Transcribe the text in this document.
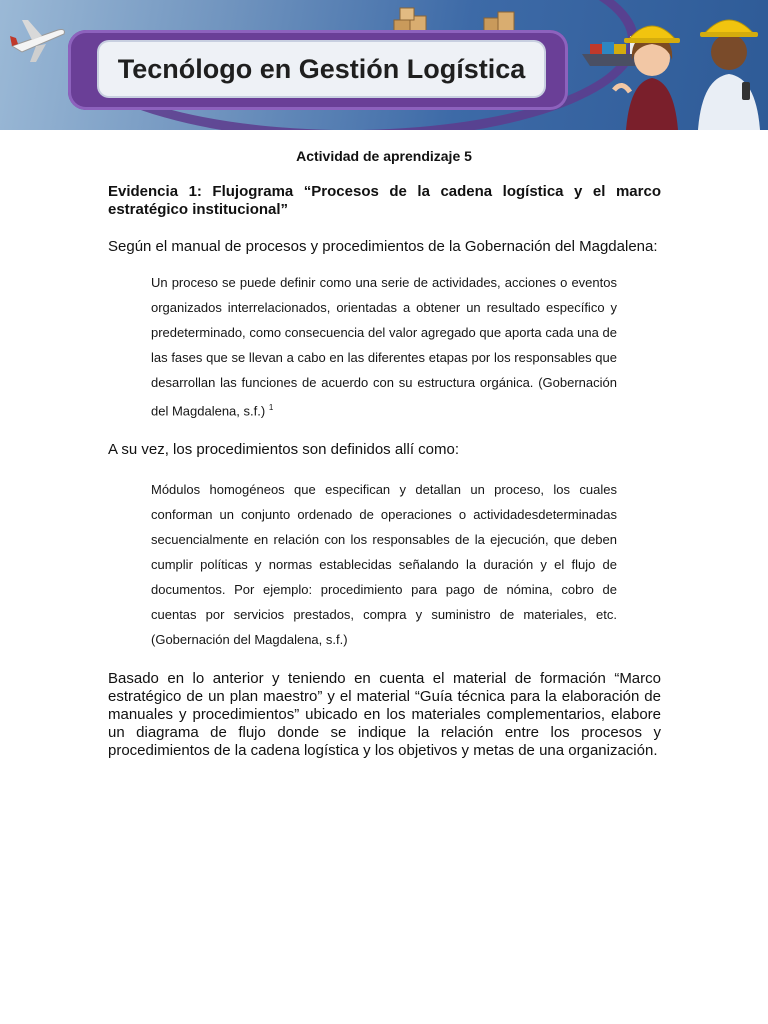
Tecnólogo en Gestión Logística
Actividad de aprendizaje 5
Evidencia 1: Flujograma “Procesos de la cadena logística y el marco estratégico institucional”
Según el manual de procesos y procedimientos de la Gobernación del Magdalena:
Un proceso se puede definir como una serie de actividades, acciones o eventos organizados interrelacionados, orientadas a obtener un resultado específico y predeterminado, como consecuencia del valor agregado que aporta cada una de las fases que se llevan a cabo en las diferentes etapas por los responsables que desarrollan las funciones de acuerdo con su estructura orgánica. (Gobernación del Magdalena, s.f.) $^1$
A su vez, los procedimientos son definidos allí como:
Módulos homogéneos que especifican y detallan un proceso, los cuales conforman un conjunto ordenado de operaciones o actividadesdeterminadas secuencialmente en relación con los responsables de la ejecución, que deben cumplir políticas y normas establecidas señalando la duración y el flujo de documentos. Por ejemplo: procedimiento para pago de nómina, cobro de cuentas por servicios prestados, compra y suministro de materiales, etc. (Gobernación del Magdalena, s.f.)
Basado en lo anterior y teniendo en cuenta el material de formación “Marco estratégico de un plan maestro” y el material “Guía técnica para la elaboración de manuales y procedimientos” ubicado en los materiales complementarios, elabore un diagrama de flujo donde se indique la relación entre los procesos y procedimientos de la cadena logística y los objetivos y metas de una organización.
